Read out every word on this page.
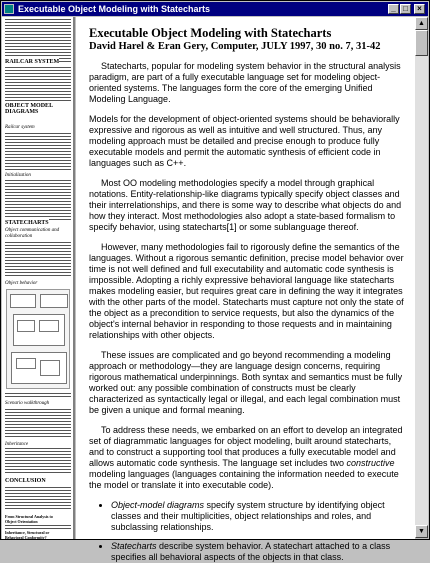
Executable Object Modeling with Statecharts	_ □	×
RAILCAR SYSTEM
OBJECT MODEL
DIAGRAMS
Railcar system
Initialization
STATECHARTS
Object communication and
collaboration
Object behavior
Scenario walkthrough
Inheritance
CONCLUSION
From Structural Analysis to
Object Orientation
Inheritance, Structural or
Behavioral Conformity?
Executable Object Modeling with Statecharts
David Harel & Eran Gery, Computer, JULY 1997, 30 no. 7, 31-42

Statecharts, popular for modeling system behavior in the structural analysis paradigm, are part of a fully executable language set for modeling object-oriented systems. The languages form the core of the emerging Unified Modeling Language.

Models for the development of object-oriented systems should be behaviorally expressive and rigorous as well as intuitive and well structured. Thus, any modeling approach must be detailed and precise enough to produce fully executable models and permit the automatic synthesis of efficient code in languages such as C++.

Most OO modeling methodologies specify a model through graphical notations. Entity-relationship-like diagrams typically specify object classes and their interrelationships, and there is some way to describe what objects do and how they interact. Most methodologies also adopt a state-based formalism to specify behavior, using statecharts[1] or some sublanguage thereof.

However, many methodologies fail to rigorously define the semantics of the languages. Without a rigorous semantic definition, precise model behavior over time is not well defined and full executability and automatic code synthesis is impossible. Adopting a richly expressive behavioral language like statecharts makes modeling easier, but requires great care in defining the way it integrates with the other parts of the model. Statecharts must capture not only the state of the object as a precondition to service requests, but also the dynamics of the object's internal behavior in responding to those requests and in maintaining relationships with other objects.

These issues are complicated and go beyond recommending a modeling approach or methodology—they are language design concerns, requiring rigorous mathematical underpinnings. Both syntax and semantics must be fully worked out: any possible combination of constructs must be clearly characterized as syntactically legal or illegal, and each legal combination must be given a unique and formal meaning.

To address these needs, we embarked on an effort to develop an integrated set of diagrammatic languages for object modeling, built around statecharts, and to construct a supporting tool that produces a fully executable model and allows automatic code synthesis. The language set includes two constructive modeling languages (languages containing the information needed to execute the model or translate it into executable code).

• Object-model diagrams specify system structure by identifying object classes and their multiplicities, object relationships and roles, and subclassing relationships.
• Statecharts describe system behavior. A statechart attached to a class specifies all behavioral aspects of the objects in that class.
▲
▼
